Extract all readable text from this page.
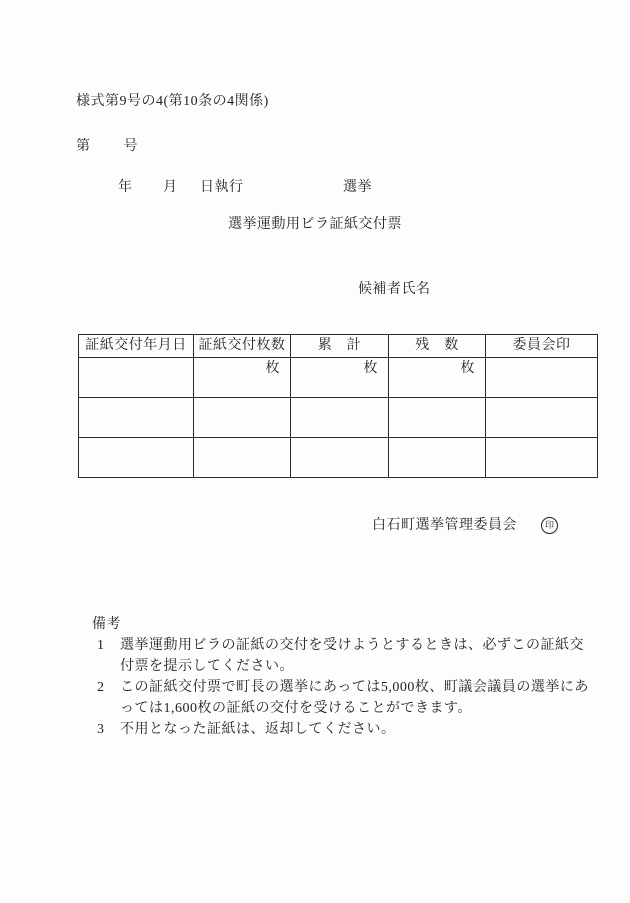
様式第9号の4(第10条の4関係)
第 号
年 月 日執行	選挙
選挙運動用ビラ証紙交付票
候補者氏名
証紙交付年月日	証紙交付枚数	累　計	残　数	委員会印
	枚	枚	枚	

白石町選挙管理委員会	印
備考
1	選挙運動用ビラの証紙の交付を受けようとするときは、必ずこの証紙交
付票を提示してください。
2	この証紙交付票で町長の選挙にあっては5,000枚、町議会議員の選挙にあ
っては1,600枚の証紙の交付を受けることができます。
3	不用となった証紙は、返却してください。
